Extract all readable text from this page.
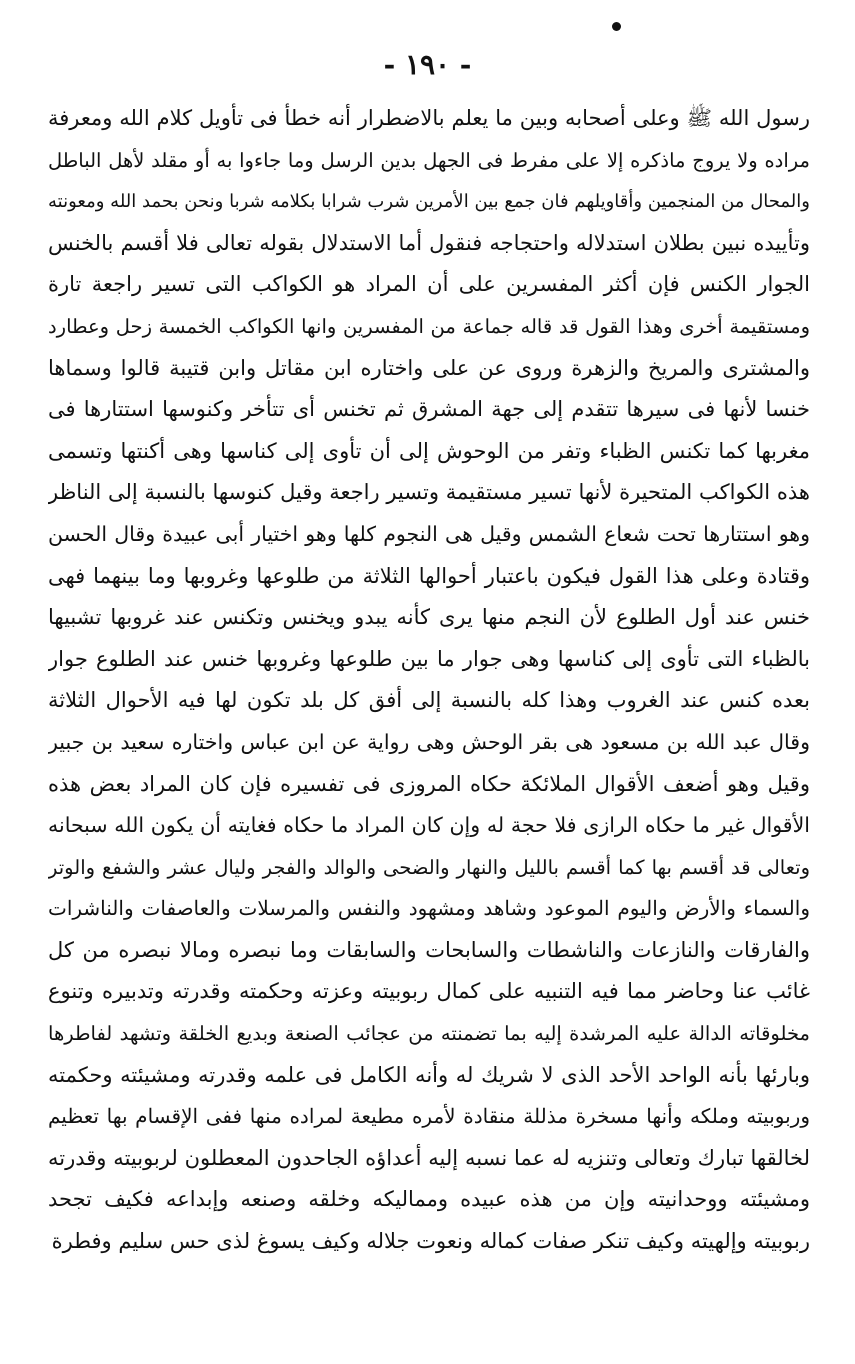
- ١٩٠ -
رسول الله ﷺ وعلى أصحابه وبين ما يعلم بالاضطرار أنه خطأ فى تأويل كلام الله ومعرفة
مراده ولا يروج ماذكره إلا على مفرط فى الجهل بدين الرسل وما جاءوا به أو مقلد لأهل الباطل
والمحال من المنجمين وأقاويلهم فان جمع بين الأمرين شرب شرابا بكلامه شربا ونحن بحمد الله ومعونته
وتأييده نبين بطلان استدلاله واحتجاجه فنقول أما الاستدلال بقوله تعالى فلا أقسم بالخنس
الجوار الكنس فإن أكثر المفسرين على أن المراد هو الكواكب التى تسير راجعة تارة
ومستقيمة أخرى وهذا القول قد قاله جماعة من المفسرين وانها الكواكب الخمسة زحل وعطارد
والمشترى والمريخ والزهرة وروى عن على واختاره ابن مقاتل وابن قتيبة قالوا وسماها
خنسا لأنها فى سيرها تتقدم إلى جهة المشرق ثم تخنس أى تتأخر وكنوسها استتارها فى
مغربها كما تكنس الظباء وتفر من الوحوش إلى أن تأوى إلى كناسها وهى أكنتها وتسمى
هذه الكواكب المتحيرة لأنها تسير مستقيمة وتسير راجعة وقيل كنوسها بالنسبة إلى الناظر
وهو استتارها تحت شعاع الشمس وقيل هى النجوم كلها وهو اختيار أبى عبيدة وقال الحسن
وقتادة وعلى هذا القول فيكون باعتبار أحوالها الثلاثة من طلوعها وغروبها وما بينهما فهى
خنس عند أول الطلوع لأن النجم منها يرى كأنه يبدو ويخنس وتكنس عند غروبها تشبيها
بالظباء التى تأوى إلى كناسها وهى جوار ما بين طلوعها وغروبها خنس عند الطلوع جوار
بعده كنس عند الغروب وهذا كله بالنسبة إلى أفق كل بلد تكون لها فيه الأحوال الثلاثة
وقال عبد الله بن مسعود هى بقر الوحش وهى رواية عن ابن عباس واختاره سعيد بن جبير
وقيل وهو أضعف الأقوال الملائكة حكاه المروزى فى تفسيره فإن كان المراد بعض هذه
الأقوال غير ما حكاه الرازى فلا حجة له وإن كان المراد ما حكاه فغايته أن يكون الله سبحانه
وتعالى قد أقسم بها كما أقسم بالليل والنهار والضحى والوالد والفجر وليال عشر والشفع والوتر
والسماء والأرض واليوم الموعود وشاهد ومشهود والنفس والمرسلات والعاصفات والناشرات
والفارقات والنازعات والناشطات والسابحات والسابقات وما نبصره ومالا نبصره من كل
غائب عنا وحاضر مما فيه التنبيه على كمال ربوبيته وعزته وحكمته وقدرته وتدبيره وتنوع
مخلوقاته الدالة عليه المرشدة إليه بما تضمنته من عجائب الصنعة وبديع الخلقة وتشهد لفاطرها
وبارئها بأنه الواحد الأحد الذى لا شريك له وأنه الكامل فى علمه وقدرته ومشيئته وحكمته
وربوبيته وملكه وأنها مسخرة مذللة منقادة لأمره مطيعة لمراده منها ففى الإقسام بها تعظيم
لخالقها تبارك وتعالى وتنزيه له عما نسبه إليه أعداؤه الجاحدون المعطلون لربوبيته وقدرته
ومشيئته ووحدانيته وإن من هذه عبيده ومماليكه وخلقه وصنعه وإبداعه فكيف تجحد
ربوبيته وإلهيته وكيف تنكر صفات كماله ونعوت جلاله وكيف يسوغ لذى حس سليم وفطرة
